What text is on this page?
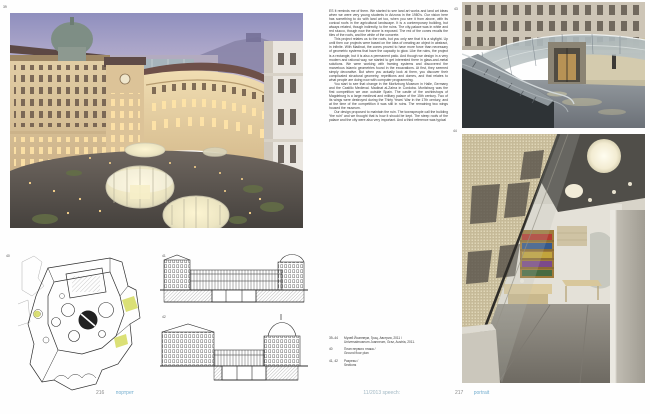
39
40	41
42
216 портрет

ES It reminds me of them. We started to see land art works and land art ideas when we were very young students in Arizona in the 1980's. Our vision here has something to do with land art too, when you see it from above, with its conical roofs in the agricultural landscape. It is a contemporary building, but always related, though indirectly, to the ruins. The city-palace was in white and red stucco, though now the stone is exposed. The red of the cones recalls the tiles of the roofs, and the white of the concrete.

This project relates us to the roofs, but you only see that it is a skylight. Up until then our projects were based on the idea of creating an object in abstract, in infinite. With Madinat, the cones proved to have more force than necessary of geometric systems that have the capacity to glow. Like the ruins, the project is a rectangle, but it is also a permanent patio. And though we design in a very modern and rational way, we started to get interested there in glass-and-metal solutions. We were working with framing systems and discovered the marvelous Islamic geometries found in the excavations. At first, they seemed simply decorative. But when you actually look at them, you discover their complicated structural geometry, repetitions and domes, and that relates to what people are doing now with computer programming.

You start to see that change in the Moritzburg Museum in Halle, Germany and the Castillo Medieval. Madinat al-Zahra in Cordoba. Moritzburg was the first competition we won outside Spain. The castle of the archbishops of Magdeburg is a large medieval and military palace of the 15th century. Two of its wings were destroyed during the Thirty Years' War in the 17th century, and at the time of the competition it was still in ruins. The remaining two wings housed the museum.

Our design proposed to maintain the ruin. The townspeople call the building “the ruin” and we thought that is how it should be kept. The steep roofs of the palace and the city were also very important. And a third reference was typical

39–44	Музей Йоаннеум, Грац, Австрия, 2011 /
Universalmuseum Joanneum, Graz, Austria, 2011.
40	План первого этажа /
Ground floor plan
41, 42	Разрезы /
Sections
43
44
11/2013 speech:	217 portrait
